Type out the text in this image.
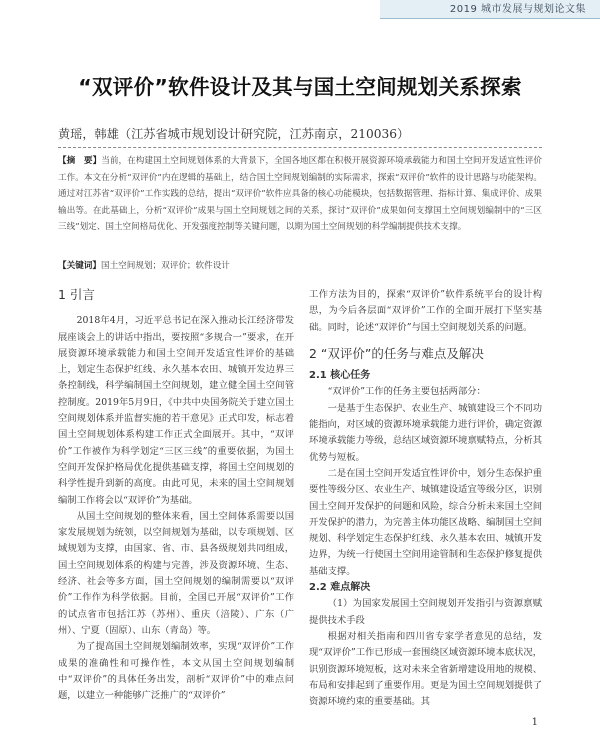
2019 城市发展与规划论文集
“双评价”软件设计及其与国土空间规划关系探索
黄瑶，韩雄（江苏省城市规划设计研究院，江苏南京，210036）
【摘　要】当前，在构建国土空间规划体系的大背景下，全国各地区都在积极开展资源环境承载能力和国土空间开发适宜性评价工作。本文在分析“双评价”内在逻辑的基础上，结合国土空间规划编制的实际需求，探索“双评价”软件的设计思路与功能架构。通过对江苏省“双评价”工作实践的总结，提出“双评价”软件应具备的核心功能模块，包括数据管理、指标计算、集成评价、成果输出等。在此基础上，分析“双评价”成果与国土空间规划之间的关系，探讨“双评价”成果如何支撑国土空间规划编制中的“三区三线”划定、国土空间格局优化、开发强度控制等关键问题，以期为国土空间规划的科学编制提供技术支撑。
【关键词】国土空间规划；双评价；软件设计
1 引言

2018年4月，习近平总书记在深入推动长江经济带发展座谈会上的讲话中指出，要按照“多规合一”要求，在开展资源环境承载能力和国土空间开发适宜性评价的基础上，划定生态保护红线、永久基本农田、城镇开发边界三条控制线，科学编制国土空间规划，建立健全国土空间管控制度。2019年5月9日，《中共中央国务院关于建立国土空间规划体系并监督实施的若干意见》正式印发，标志着国土空间规划体系构建工作正式全面展开。其中，“双评价”工作被作为科学划定“三区三线”的重要依据，为国土空间开发保护格局优化提供基础支撑，将国土空间规划的科学性提升到新的高度。由此可见，未来的国土空间规划编制工作将会以“双评价”为基础。

从国土空间规划的整体来看，国土空间体系需要以国家发展规划为统领，以空间规划为基础，以专项规划、区域规划为支撑，由国家、省、市、县各级规划共同组成，国土空间规划体系的构建与完善，涉及资源环境、生态、经济、社会等多方面，国土空间规划的编制需要以“双评价”工作作为科学依据。目前，全国已开展“双评价”工作的试点省市包括江苏（苏州）、重庆（涪陵）、广东（广州）、宁夏（固原）、山东（青岛）等。

为了提高国土空间规划编制效率，实现“双评价”工作成果的准确性和可操作性，本文从国土空间规划编制中“双评价”的具体任务出发，剖析“双评价”中的难点问题，以建立一种能够广泛推广的“双评价”

工作方法为目的，探索“双评价”软件系统平台的设计构思，为今后各层面“双评价”工作的全面开展打下坚实基础。同时，论述“双评价”与国土空间规划关系的问题。

2 “双评价”的任务与难点及解决
2.1 核心任务

“双评价”工作的任务主要包括两部分：

一是基于生态保护、农业生产、城镇建设三个不同功能指向，对区域的资源环境承载能力进行评价，确定资源环境承载能力等级，总结区域资源环境禀赋特点，分析其优势与短板。

二是在国土空间开发适宜性评价中，划分生态保护重要性等级分区、农业生产、城镇建设适宜等级分区，识别国土空间开发保护的问题和风险，综合分析未来国土空间开发保护的潜力，为完善主体功能区战略、编制国土空间规划、科学划定生态保护红线、永久基本农田、城镇开发边界，为统一行使国土空间用途管制和生态保护修复提供基础支撑。

2.2 难点解决

（1）为国家发展国土空间规划开发指引与资源禀赋提供技术手段

根据对相关指南和四川省专家学者意见的总结，发现“双评价”工作已形成一套围绕区域资源环境本底状况，识别资源环境短板，这对未来全省新增建设用地的规模、布局和安排起到了重要作用。更是为国土空间规划提供了资源环境约束的重要基础。其

1
